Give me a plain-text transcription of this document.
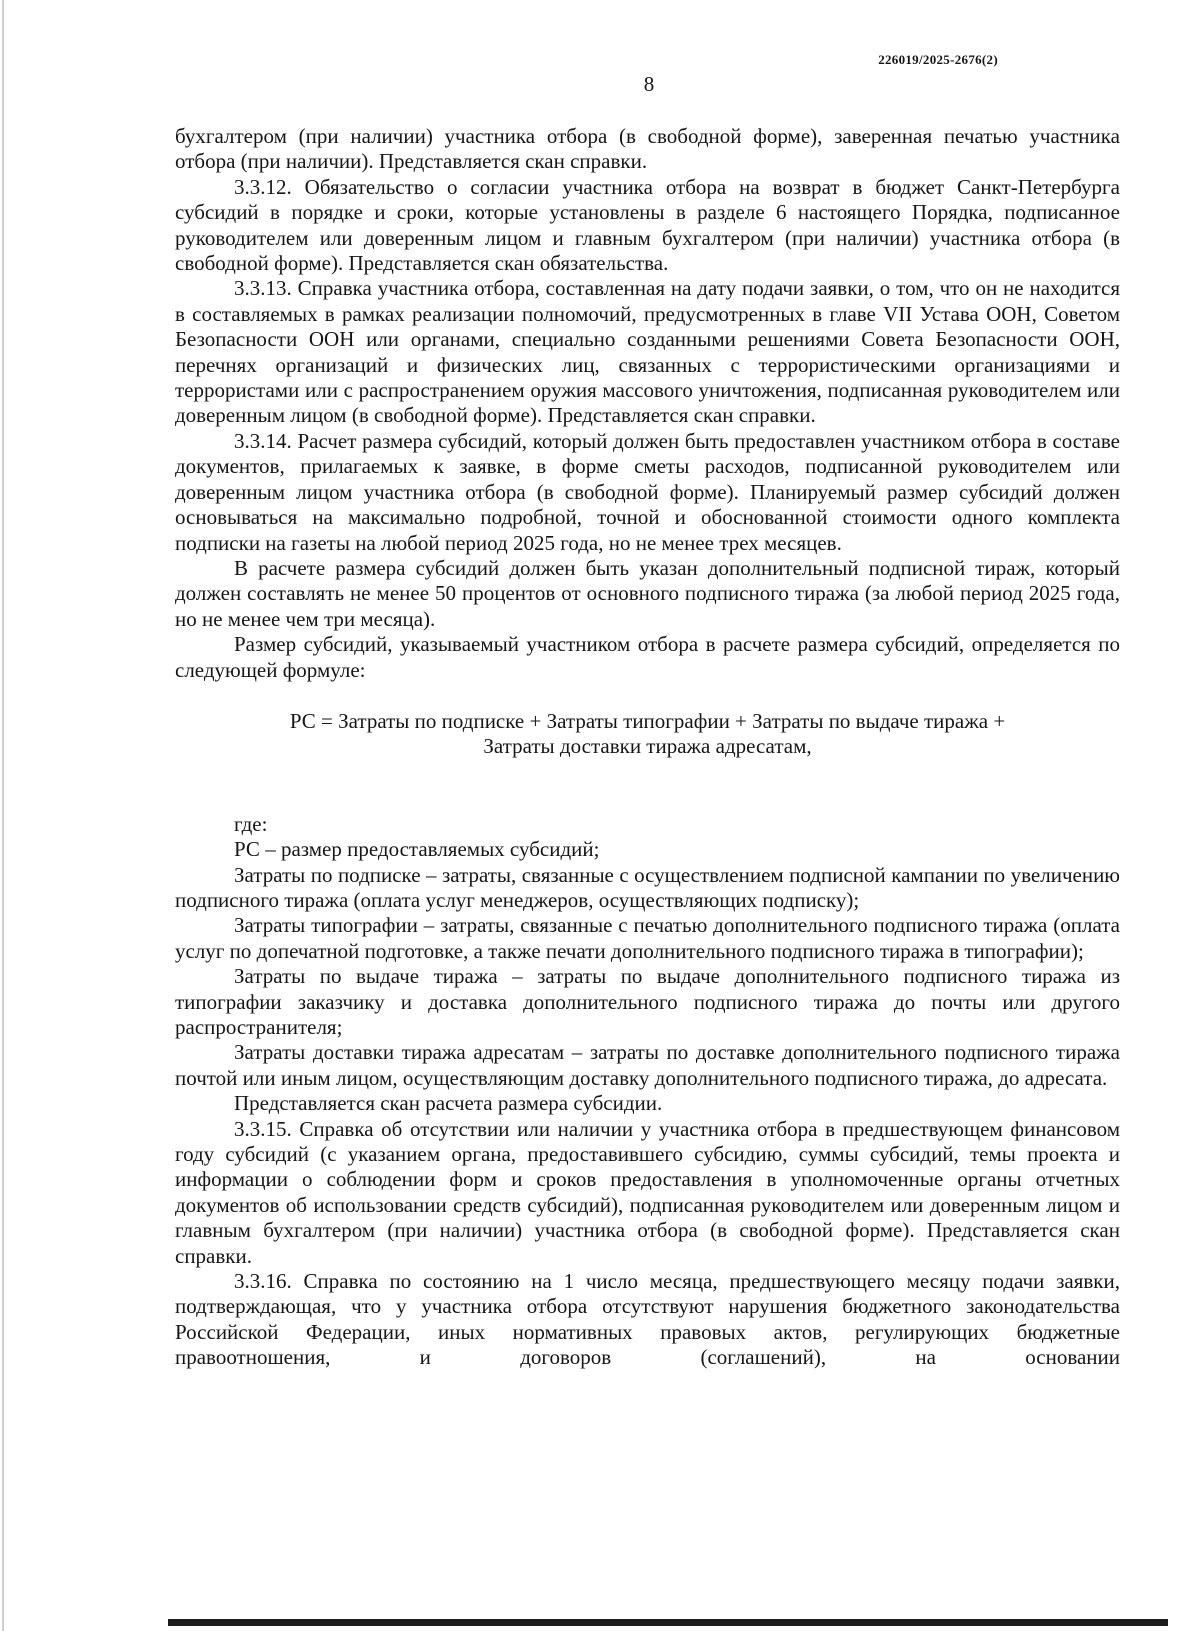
226019/2025-2676(2)
8

бухгалтером (при наличии) участника отбора (в свободной форме), заверенная печатью участника отбора (при наличии). Представляется скан справки.

3.3.12. Обязательство о согласии участника отбора на возврат в бюджет Санкт-Петербурга субсидий в порядке и сроки, которые установлены в разделе 6 настоящего Порядка, подписанное руководителем или доверенным лицом и главным бухгалтером (при наличии) участника отбора (в свободной форме). Представляется скан обязательства.

3.3.13. Справка участника отбора, составленная на дату подачи заявки, о том, что он не находится в составляемых в рамках реализации полномочий, предусмотренных в главе VII Устава ООН, Советом Безопасности ООН или органами, специально созданными решениями Совета Безопасности ООН, перечнях организаций и физических лиц, связанных с террористическими организациями и террористами или с распространением оружия массового уничтожения, подписанная руководителем или доверенным лицом (в свободной форме). Представляется скан справки.

3.3.14. Расчет размера субсидий, который должен быть предоставлен участником отбора в составе документов, прилагаемых к заявке, в форме сметы расходов, подписанной руководителем или доверенным лицом участника отбора (в свободной форме). Планируемый размер субсидий должен основываться на максимально подробной, точной и обоснованной стоимости одного комплекта подписки на газеты на любой период 2025 года, но не менее трех месяцев.

В расчете размера субсидий должен быть указан дополнительный подписной тираж, который должен составлять не менее 50 процентов от основного подписного тиража (за любой период 2025 года, но не менее чем три месяца).

Размер субсидий, указываемый участником отбора в расчете размера субсидий, определяется по следующей формуле:

РС = Затраты по подписке + Затраты типографии + Затраты по выдаче тиража +
Затраты доставки тиража адресатам,

где:

РС – размер предоставляемых субсидий;

Затраты по подписке – затраты, связанные с осуществлением подписной кампании по увеличению подписного тиража (оплата услуг менеджеров, осуществляющих подписку);

Затраты типографии – затраты, связанные с печатью дополнительного подписного тиража (оплата услуг по допечатной подготовке, а также печати дополнительного подписного тиража в типографии);

Затраты по выдаче тиража – затраты по выдаче дополнительного подписного тиража из типографии заказчику и доставка дополнительного подписного тиража до почты или другого распространителя;

Затраты доставки тиража адресатам – затраты по доставке дополнительного подписного тиража почтой или иным лицом, осуществляющим доставку дополнительного подписного тиража, до адресата.

Представляется скан расчета размера субсидии.

3.3.15. Справка об отсутствии или наличии у участника отбора в предшествующем финансовом году субсидий (с указанием органа, предоставившего субсидию, суммы субсидий, темы проекта и информации о соблюдении форм и сроков предоставления в уполномоченные органы отчетных документов об использовании средств субсидий), подписанная руководителем или доверенным лицом и главным бухгалтером (при наличии) участника отбора (в свободной форме). Представляется скан справки.

3.3.16. Справка по состоянию на 1 число месяца, предшествующего месяцу подачи заявки, подтверждающая, что у участника отбора отсутствуют нарушения бюджетного законодательства Российской Федерации, иных нормативных правовых актов, регулирующих бюджетные правоотношения, и договоров (соглашений), на основании
